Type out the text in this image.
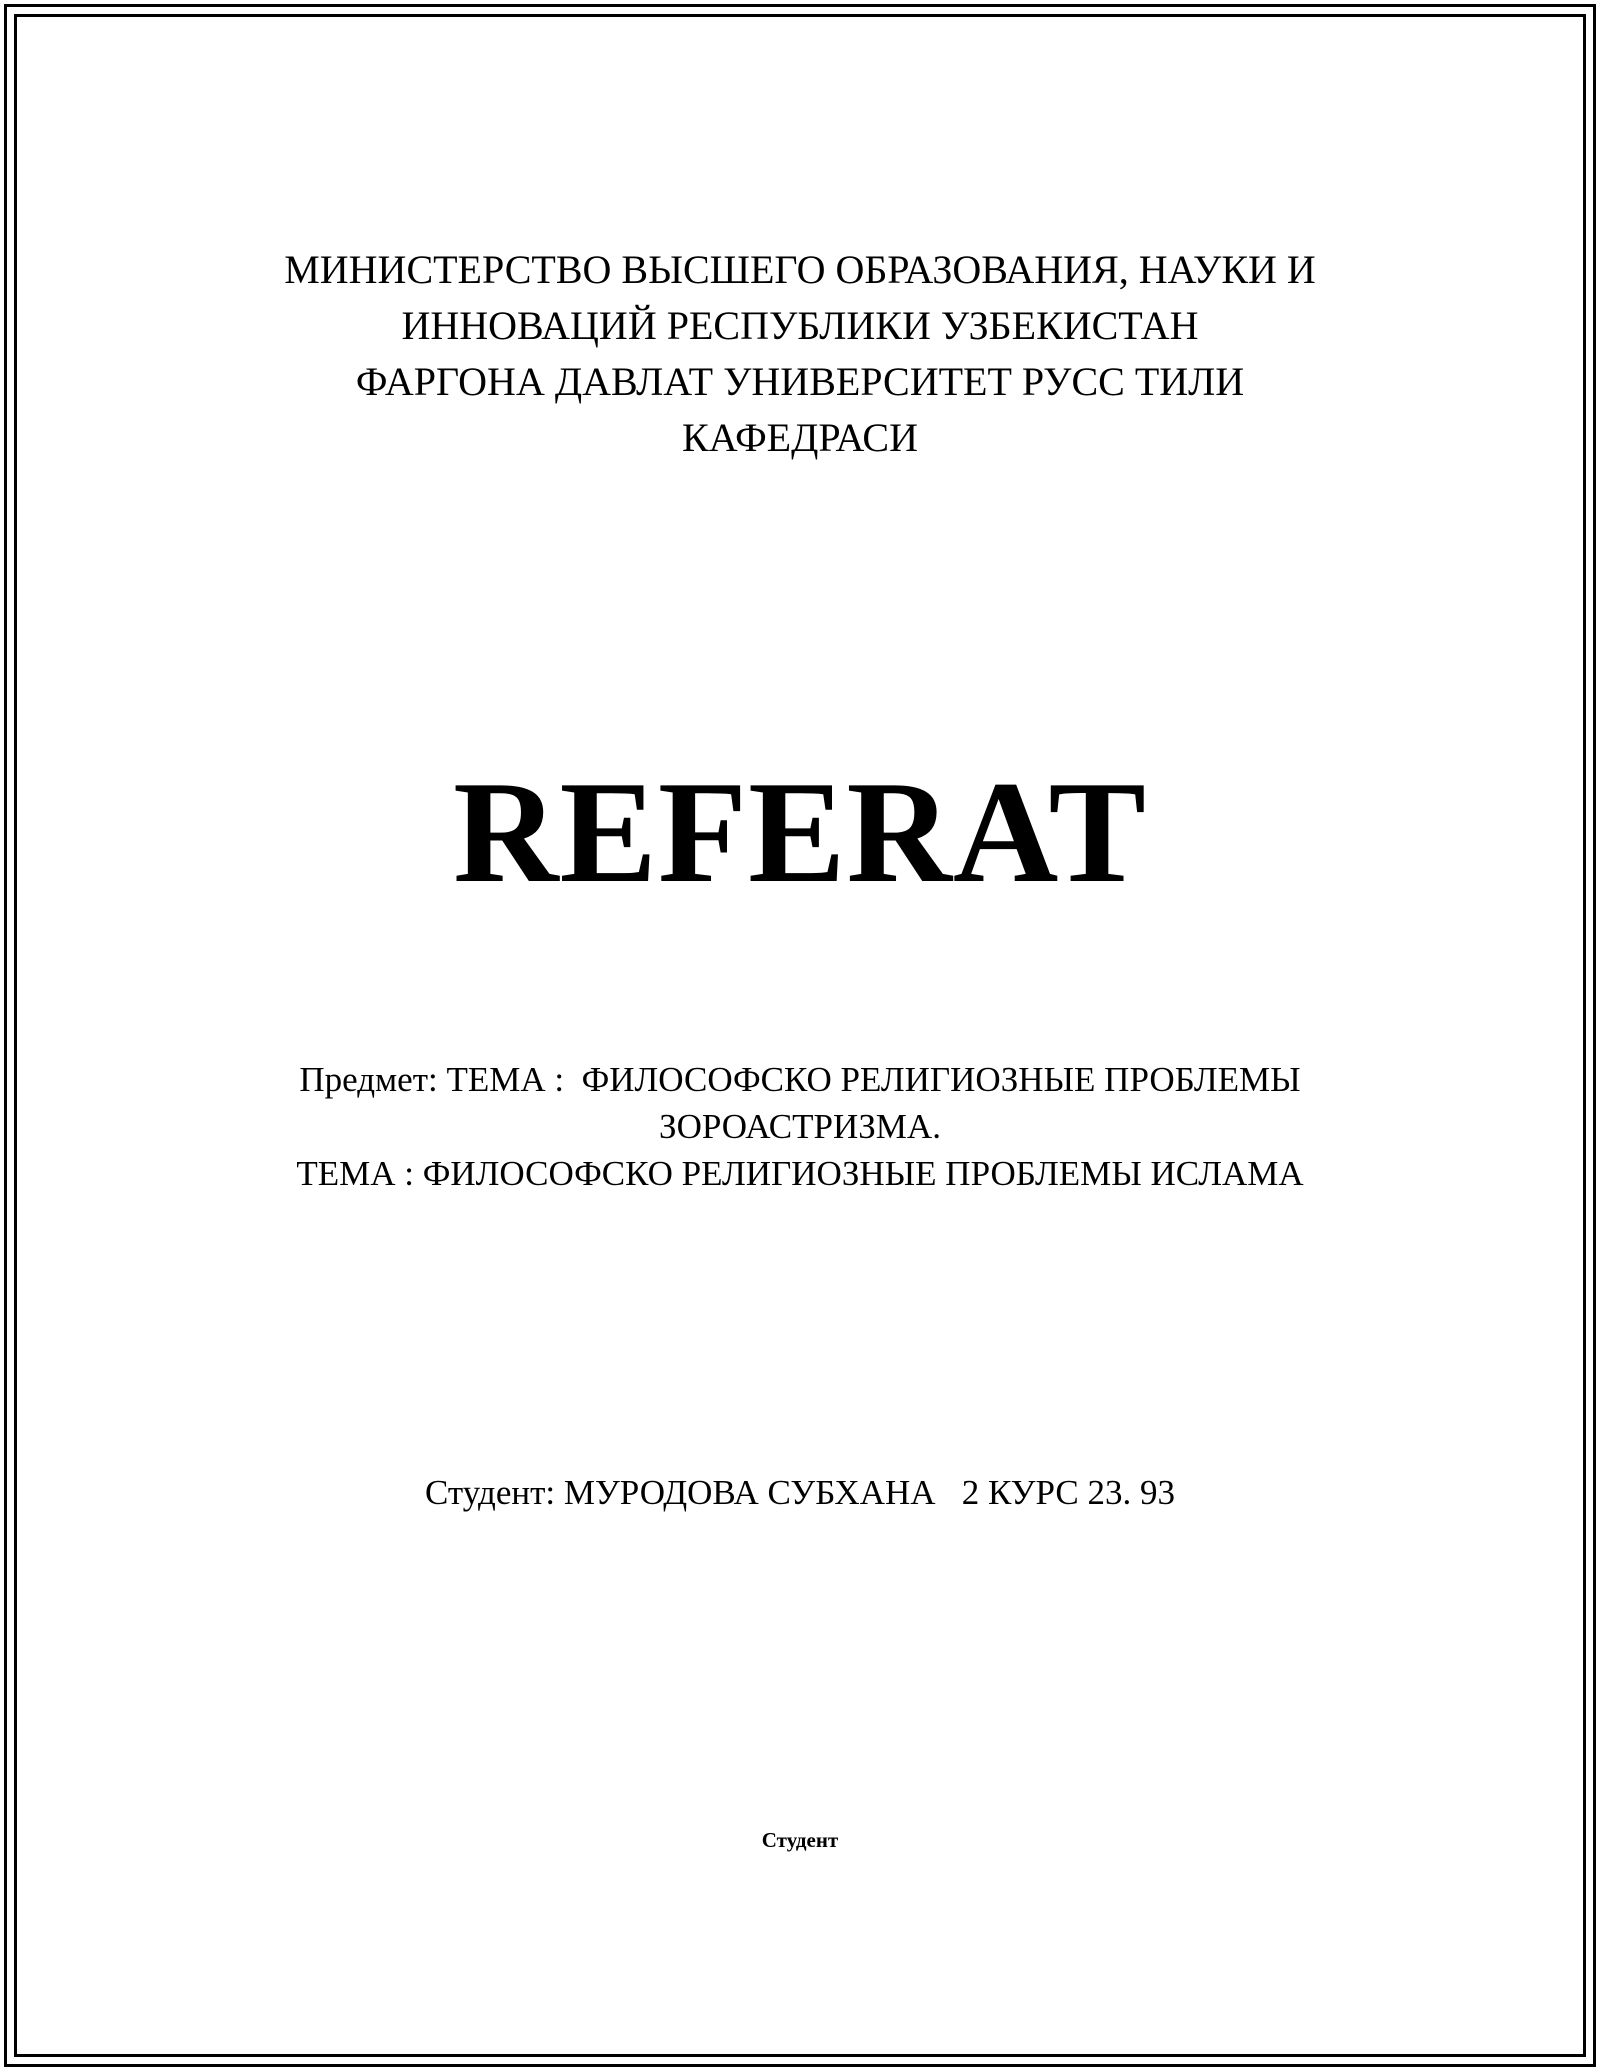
МИНИСТЕРСТВО ВЫСШЕГО ОБРАЗОВАНИЯ, НАУКИ И
ИННОВАЦИЙ РЕСПУБЛИКИ УЗБЕКИСТАН
ФАРГОНА ДАВЛАТ УНИВЕРСИТЕТ РУСС ТИЛИ
КАФЕДРАСИ
REFERAT
Предмет: ТЕМА :  ФИЛОСОФСКО РЕЛИГИОЗНЫЕ ПРОБЛЕМЫ
ЗОРОАСТРИЗМА.
ТЕМА : ФИЛОСОФСКО РЕЛИГИОЗНЫЕ ПРОБЛЕМЫ ИСЛАМА
Студент: МУРОДОВА СУБХАНА   2 КУРС 23. 93
Студент
